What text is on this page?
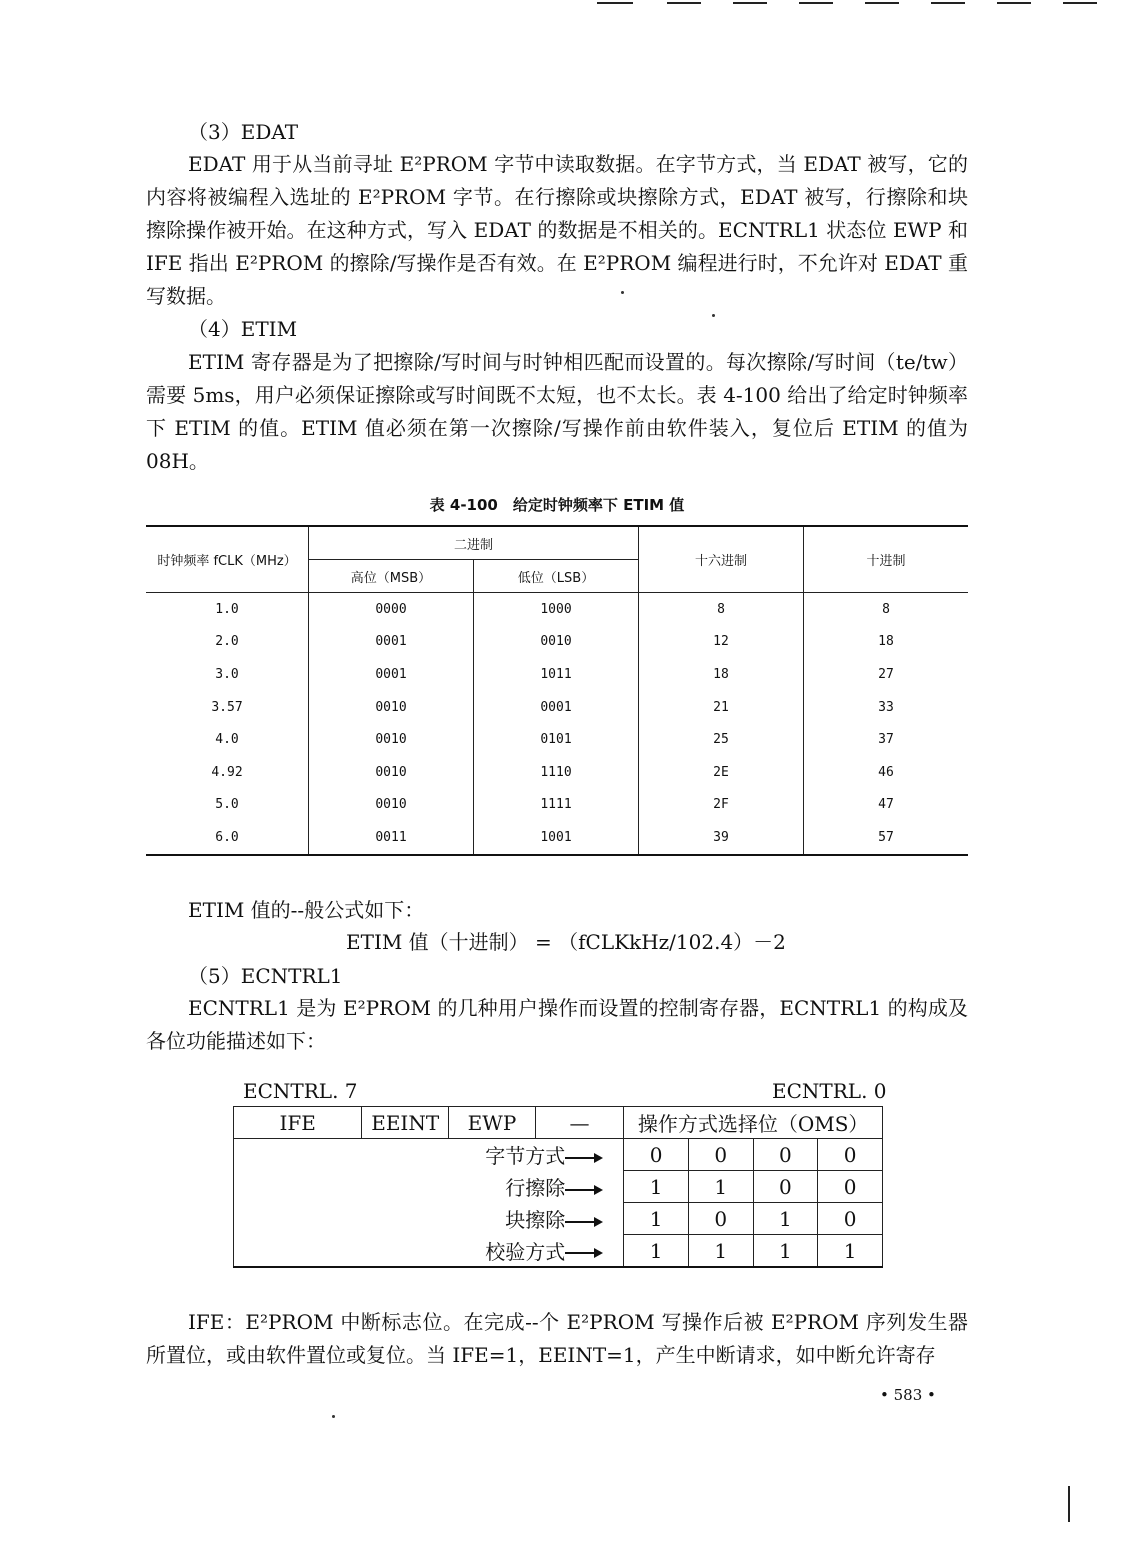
（3）EDAT

EDAT 用于从当前寻址 E²PROM 字节中读取数据。在字节方式，当 EDAT 被写，它的内容将被编程入选址的 E²PROM 字节。在行擦除或块擦除方式，EDAT 被写，行擦除和块擦除操作被开始。在这种方式，写入 EDAT 的数据是不相关的。ECNTRL1 状态位 EWP 和 IFE 指出 E²PROM 的擦除/写操作是否有效。在 E²PROM 编程进行时，不允许对 EDAT 重写数据。

（4）ETIM

ETIM 寄存器是为了把擦除/写时间与时钟相匹配而设置的。每次擦除/写时间（te/tw）需要 5ms，用户必须保证擦除或写时间既不太短，也不太长。表 4-100 给出了给定时钟频率下 ETIM 的值。ETIM 值必须在第一次擦除/写操作前由软件装入，复位后 ETIM 的值为 08H。

表 4-100　给定时钟频率下 ETIM 值
时钟频率 fCLK（MHz）	二进制		十六进制	十进制
	高位（MSB）	低位（LSB）		
1.0	0000	1000	8	8
2.0	0001	0010	12	18
3.0	0001	1011	18	27
3.57	0010	0001	21	33
4.0	0010	0101	25	37
4.92	0010	1110	2E	46
5.0	0010	1111	2F	47
6.0	0011	1001	39	57

ETIM 值的--般公式如下：

ETIM 值（十进制） = （fCLKkHz/102.4）－2
（5）ECNTRL1

ECNTRL1 是为 E²PROM 的几种用户操作而设置的控制寄存器，ECNTRL1 的构成及各位功能描述如下：

ECNTRL. 7	ECNTRL. 0
IFE	EEINT	EWP	—	操作方式选择位（OMS）			
字节方式				0	0	0	0
行擦除				1	1	0	0
块擦除				1	0	1	0
校验方式				1	1	1	1

IFE：E²PROM 中断标志位。在完成--个 E²PROM 写操作后被 E²PROM 序列发生器所置位，或由软件置位或复位。当 IFE=1，EEINT=1，产生中断请求，如中断允许寄存

• 583 •
